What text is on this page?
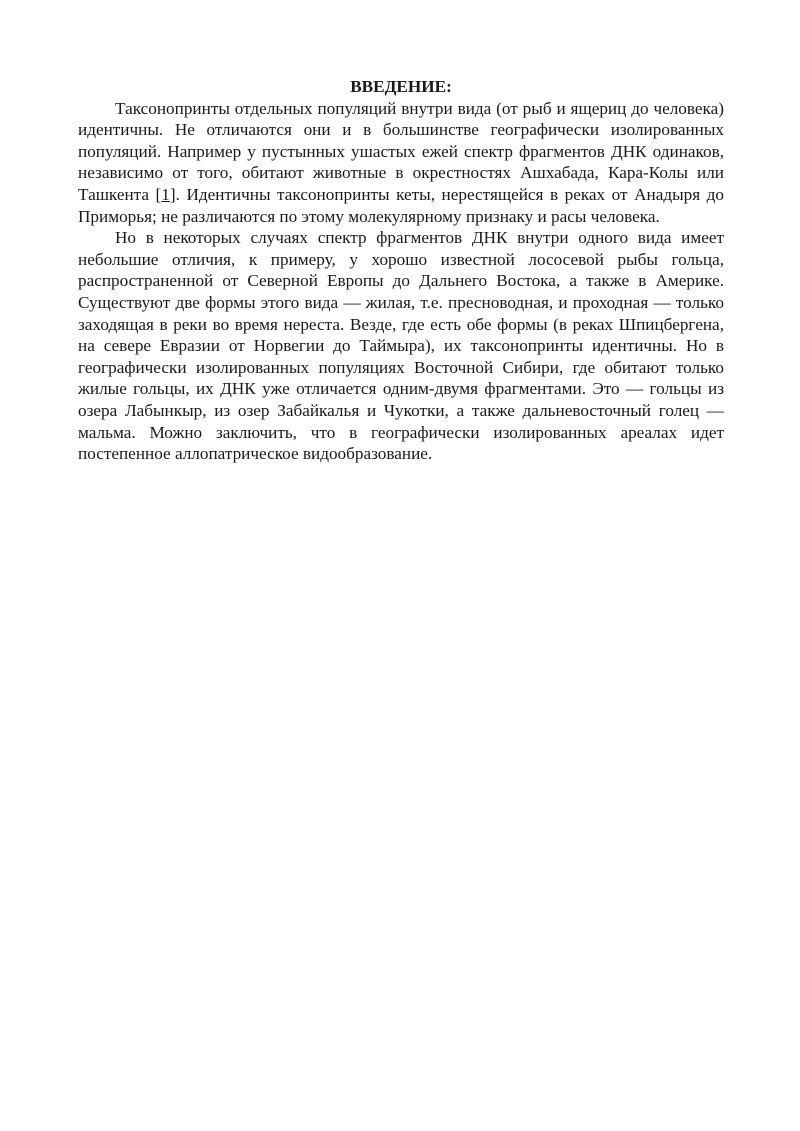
ВВЕДЕНИЕ:

Таксонопринты отдельных популяций внутри вида (от рыб и ящериц до человека) идентичны. Не отличаются они и в большинстве географически изолированных популяций. Например у пустынных ушастых ежей спектр фрагментов ДНК одинаков, независимо от того, обитают животные в окрестностях Ашхабада, Кара-Колы или Ташкента [1]. Идентичны таксонопринты кеты, нерестящейся в реках от Анадыря до Приморья; не различаются по этому молекулярному признаку и расы человека.

Но в некоторых случаях спектр фрагментов ДНК внутри одного вида имеет небольшие отличия, к примеру, у хорошо известной лососевой рыбы гольца, распространенной от Северной Европы до Дальнего Востока, а также в Америке. Существуют две формы этого вида — жилая, т.е. пресноводная, и проходная — только заходящая в реки во время нереста. Везде, где есть обе формы (в реках Шпицбергена, на севере Евразии от Норвегии до Таймыра), их таксонопринты идентичны. Но в географически изолированных популяциях Восточной Сибири, где обитают только жилые гольцы, их ДНК уже отличается одним-двумя фрагментами. Это — гольцы из озера Лабынкыр, из озер Забайкалья и Чукотки, а также дальневосточный голец — мальма. Можно заключить, что в географически изолированных ареалах идет постепенное аллопатрическое видообразование.
